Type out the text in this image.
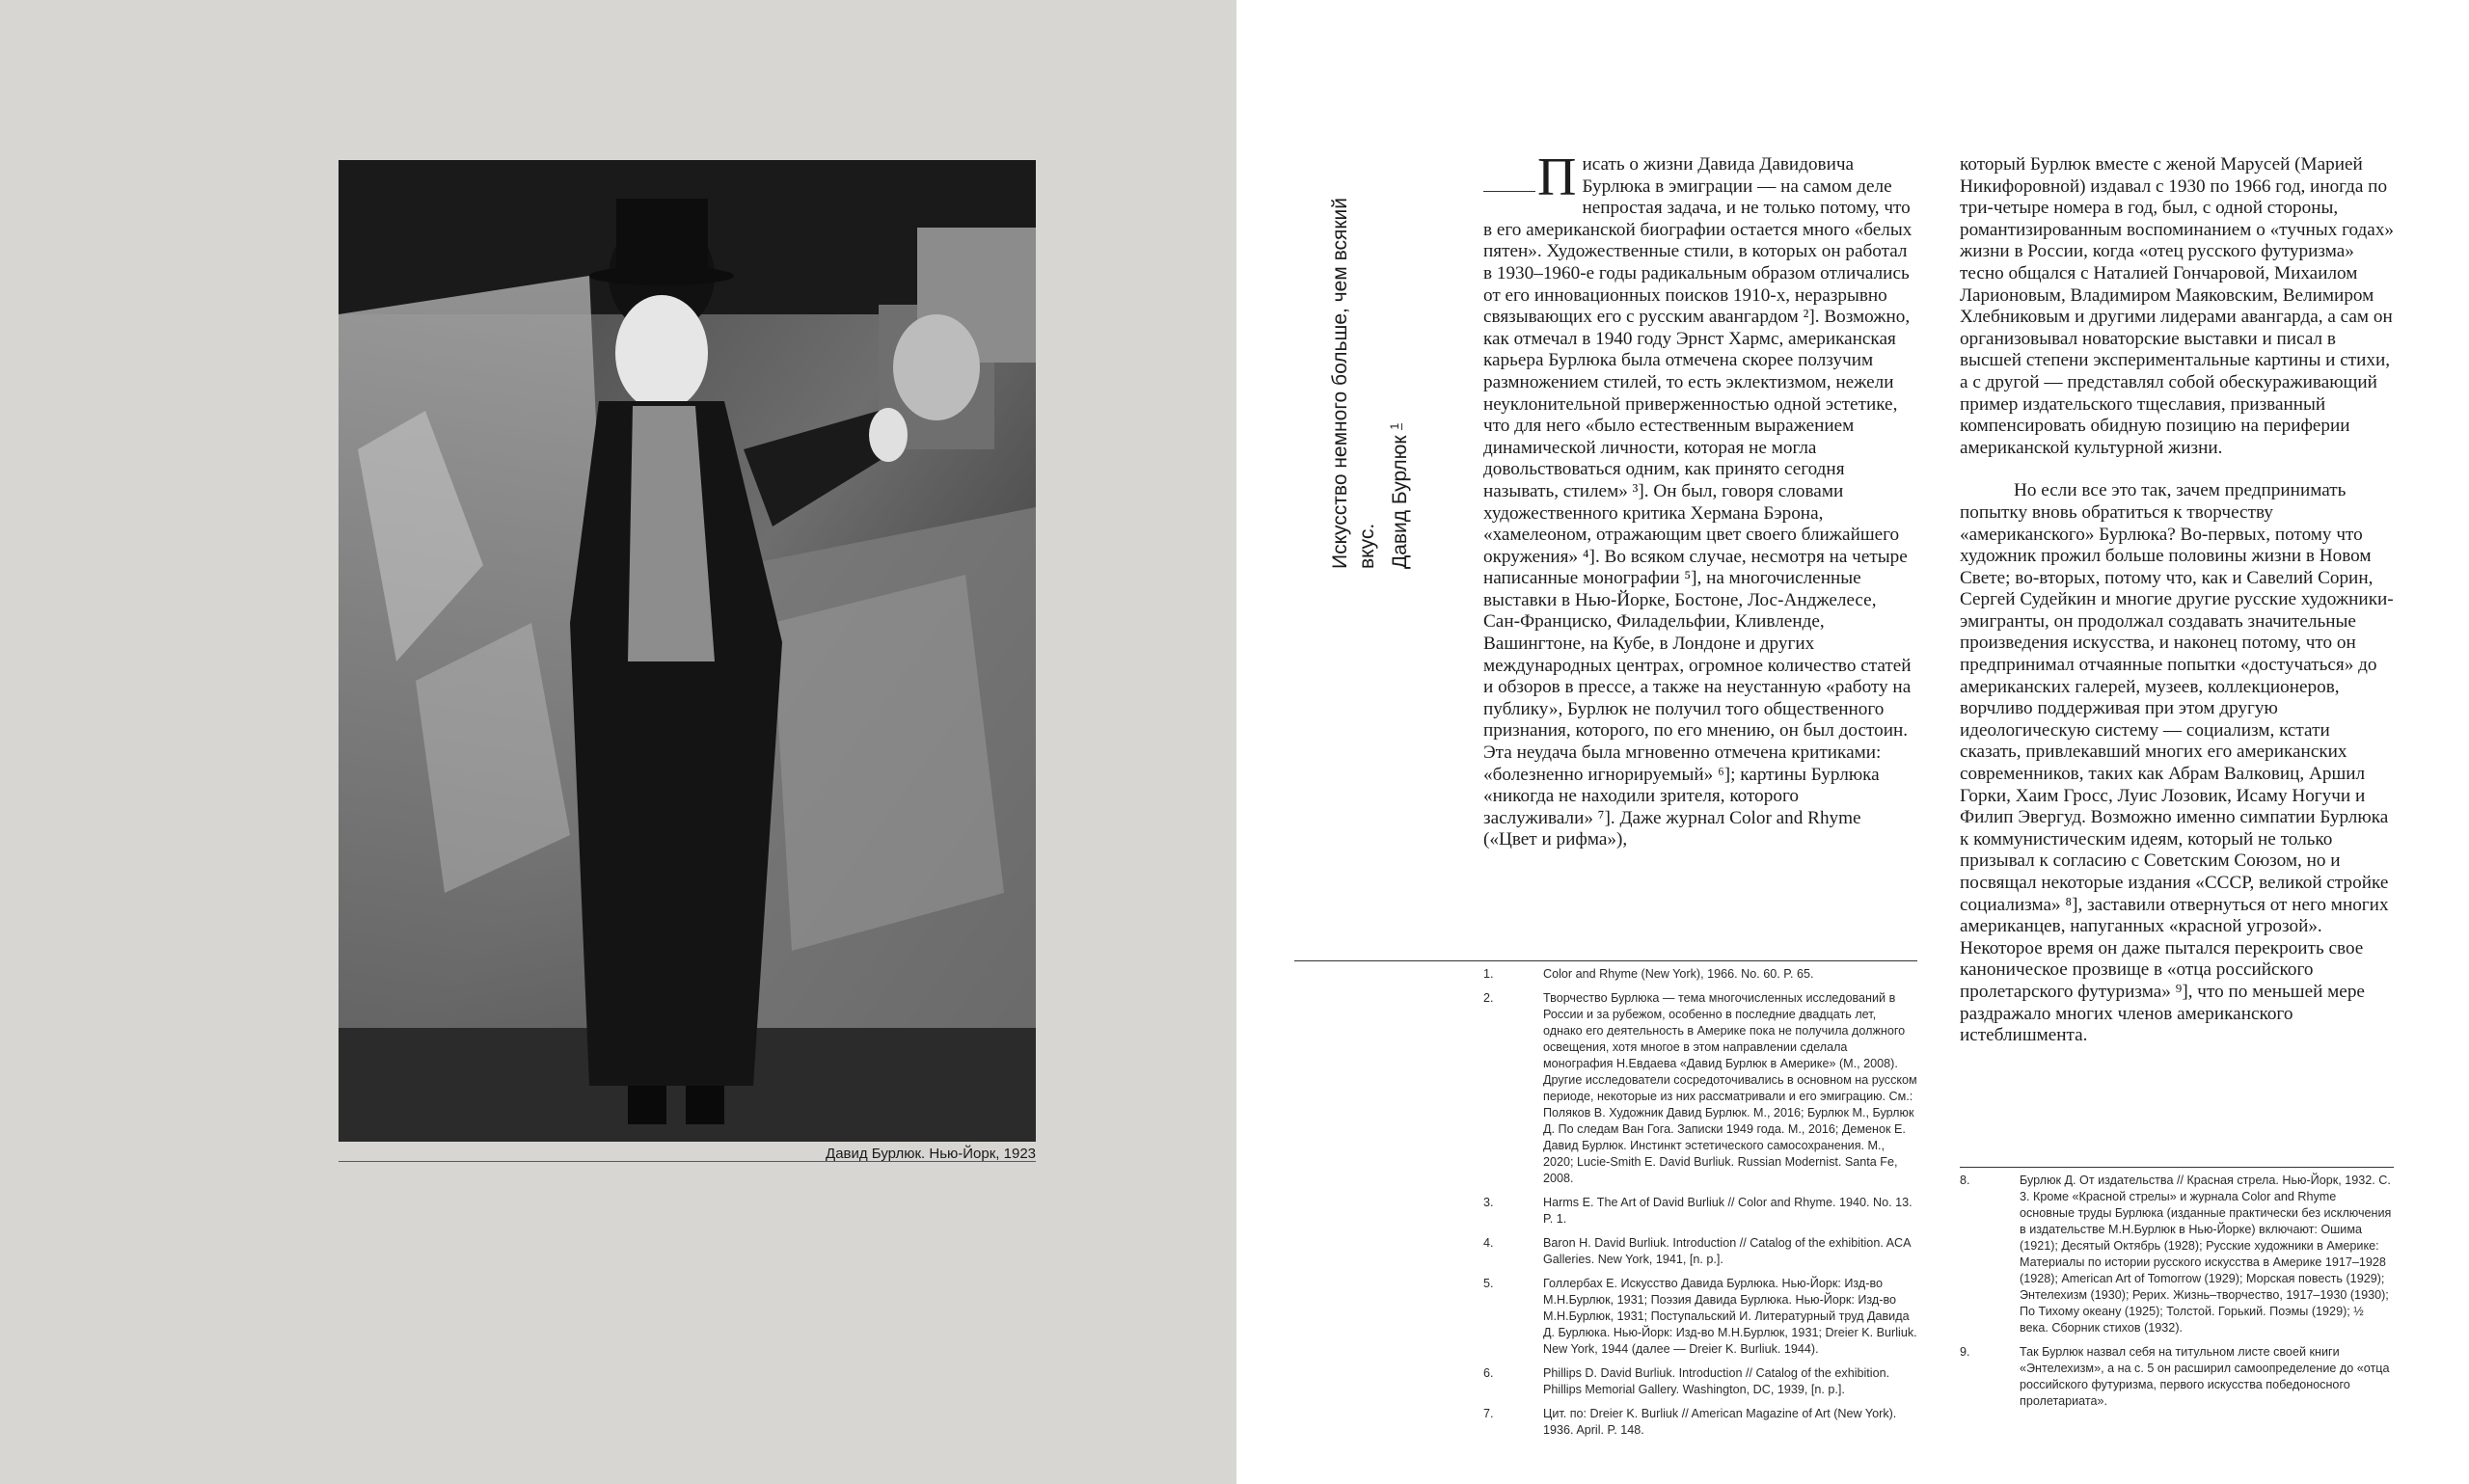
Давид Бурлюк. Нью-Йорк, 1923
Искусство немного больше, чем всякий вкус. Давид Бурлюк $^1$

Писать о жизни Давида Давидовича Бурлюка в эмиграции — на самом деле непростая задача, и не только потому, что в его американской биографии остается много «белых пятен». Художественные стили, в которых он работал в 1930–1960-е годы радикальным образом отличались от его инновационных поисков 1910-х, неразрывно связывающих его с русским авангардом ²]. Возможно, как отмечал в 1940 году Эрнст Хармс, американская карьера Бурлюка была отмечена скорее ползучим размножением стилей, то есть эклектизмом, нежели неуклонительной приверженностью одной эстетике, что для него «было естественным выражением динамической личности, которая не могла довольствоваться одним, как принято сегодня называть, стилем» ³]. Он был, говоря словами художественного критика Хермана Бэрона, «хамелеоном, отражающим цвет своего ближайшего окружения» ⁴]. Во всяком случае, несмотря на четыре написанные монографии ⁵], на многочисленные выставки в Нью-Йорке, Бостоне, Лос-Анджелесе, Сан-Франциско, Филадельфии, Кливленде, Вашингтоне, на Кубе, в Лондоне и других международных центрах, огромное количество статей и обзоров в прессе, а также на неустанную «работу на публику», Бурлюк не получил того общественного признания, которого, по его мнению, он был достоин. Эта неудача была мгновенно отмечена критиками: «болезненно игнорируемый» ⁶]; картины Бурлюка «никогда не находили зрителя, которого заслуживали» ⁷]. Даже журнал Color and Rhyme («Цвет и рифма»),

который Бурлюк вместе с женой Марусей (Марией Никифоровной) издавал с 1930 по 1966 год, иногда по три-четыре номера в год, был, с одной стороны, романтизированным воспоминанием о «тучных годах» жизни в России, когда «отец русского футуризма» тесно общался с Наталией Гончаровой, Михаилом Ларионовым, Владимиром Маяковским, Велимиром Хлебниковым и другими лидерами авангарда, а сам он организовывал новаторские выставки и писал в высшей степени экспериментальные картины и стихи, а с другой — представлял собой обескураживающий пример издательского тщеславия, призванный компенсировать обидную позицию на периферии американской культурной жизни.

Но если все это так, зачем предпринимать попытку вновь обратиться к творчеству «американского» Бурлюка? Во-первых, потому что художник прожил больше половины жизни в Новом Свете; во-вторых, потому что, как и Савелий Сорин, Сергей Судейкин и многие другие русские художники-эмигранты, он продолжал создавать значительные произведения искусства, и наконец потому, что он предпринимал отчаянные попытки «достучаться» до американских галерей, музеев, коллекционеров, ворчливо поддерживая при этом другую идеологическую систему — социализм, кстати сказать, привлекавший многих его американских современников, таких как Абрам Валковиц, Аршил Горки, Хаим Гросс, Луис Лозовик, Исаму Ногучи и Филип Эвергуд. Возможно именно симпатии Бурлюка к коммунистическим идеям, который не только призывал к согласию с Советским Союзом, но и посвящал некоторые издания «СССР, великой стройке социализма» ⁸], заставили отвернуться от него многих американцев, напуганных «красной угрозой». Некоторое время он даже пытался перекроить свое каноническое прозвище в «отца российского пролетарского футуризма» ⁹], что по меньшей мере раздражало многих членов американского истеблишмента.

1.	Color and Rhyme (New York), 1966. No. 60. P. 65.
2.	Творчество Бурлюка — тема многочисленных исследований в России и за рубежом, особенно в последние двадцать лет, однако его деятельность в Америке пока не получила должного освещения, хотя многое в этом направлении сделала монография Н.Евдаева «Давид Бурлюк в Америке» (М., 2008). Другие исследователи сосредоточивались в основном на русском периоде, некоторые из них рассматривали и его эмиграцию. См.: Поляков В. Художник Давид Бурлюк. М., 2016; Бурлюк М., Бурлюк Д. По следам Ван Гога. Записки 1949 года. М., 2016; Деменок Е. Давид Бурлюк. Инстинкт эстетического самосохранения. М., 2020; Lucie-Smith E. David Burliuk. Russian Modernist. Santa Fe, 2008.
3.	Harms E. The Art of David Burliuk // Color and Rhyme. 1940. No. 13. P. 1.
4.	Baron H. David Burliuk. Introduction // Catalog of the exhibition. ACA Galleries. New York, 1941, [n. p.].
5.	Голлербах Е. Искусство Давида Бурлюка. Нью-Йорк: Изд-во М.Н.Бурлюк, 1931; Поэзия Давида Бурлюка. Нью-Йорк: Изд-во М.Н.Бурлюк, 1931; Поступальский И. Литературный труд Давида Д. Бурлюка. Нью-Йорк: Изд-во М.Н.Бурлюк, 1931; Dreier K. Burliuk. New York, 1944 (далее — Dreier K. Burliuk. 1944).
6.	Phillips D. David Burliuk. Introduction // Catalog of the exhibition. Phillips Memorial Gallery. Washington, DC, 1939, [n. p.].
7.	Цит. по: Dreier K. Burliuk // American Magazine of Art (New York). 1936. April. P. 148.
8.	Бурлюк Д. От издательства // Красная стрела. Нью-Йорк, 1932. С. 3. Кроме «Красной стрелы» и журнала Color and Rhyme основные труды Бурлюка (изданные практически без исключения в издательстве М.Н.Бурлюк в Нью-Йорке) включают: Ошима (1921); Десятый Октябрь (1928); Русские художники в Америке: Материалы по истории русского искусства в Америке 1917–1928 (1928); American Art of Tomorrow (1929); Морская повесть (1929); Энтелехизм (1930); Рерих. Жизнь–творчество, 1917–1930 (1930); По Тихому океану (1925); Толстой. Горький. Поэмы (1929); ½ века. Сборник стихов (1932).
9.	Так Бурлюк назвал себя на титульном листе своей книги «Энтелехизм», а на с. 5 он расширил самоопределение до «отца российского футуризма, первого искусства победоносного пролетариата».
